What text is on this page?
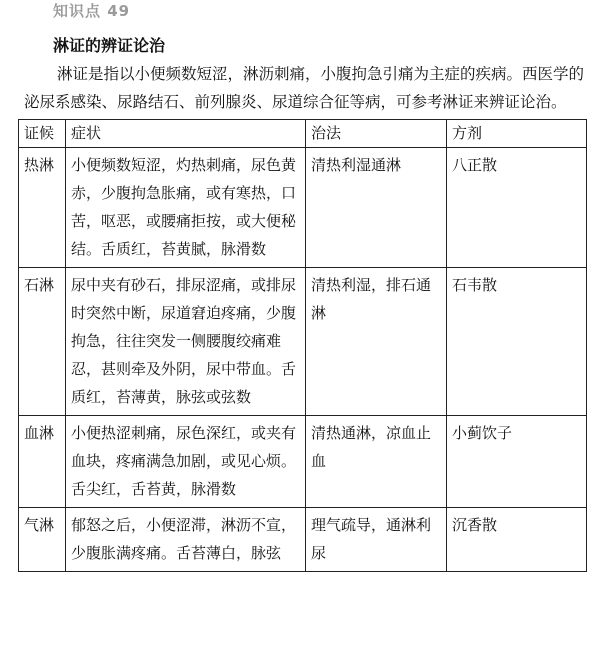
知识点 49
淋证的辨证论治
淋证是指以小便频数短涩，淋沥刺痛，小腹拘急引痛为主症的疾病。西医学的泌尿系感染、尿路结石、前列腺炎、尿道综合征等病，可参考淋证来辨证论治。
证候	症状	治法	方剂
热淋	小便频数短涩，灼热刺痛，尿色黄赤，少腹拘急胀痛，或有寒热，口苦，呕恶，或腰痛拒按，或大便秘结。舌质红，苔黄腻，脉滑数	清热利湿通淋	八正散
石淋	尿中夹有砂石，排尿涩痛，或排尿时突然中断，尿道窘迫疼痛，少腹拘急，往往突发一侧腰腹绞痛难忍，甚则牵及外阴，尿中带血。舌质红，苔薄黄，脉弦或弦数	清热利湿，排石通淋	石韦散
血淋	小便热涩刺痛，尿色深红，或夹有血块，疼痛满急加剧，或见心烦。舌尖红，舌苔黄，脉滑数	清热通淋，凉血止血	小蓟饮子
气淋	郁怒之后，小便涩滞，淋沥不宣，少腹胀满疼痛。舌苔薄白，脉弦	理气疏导，通淋利尿	沉香散
